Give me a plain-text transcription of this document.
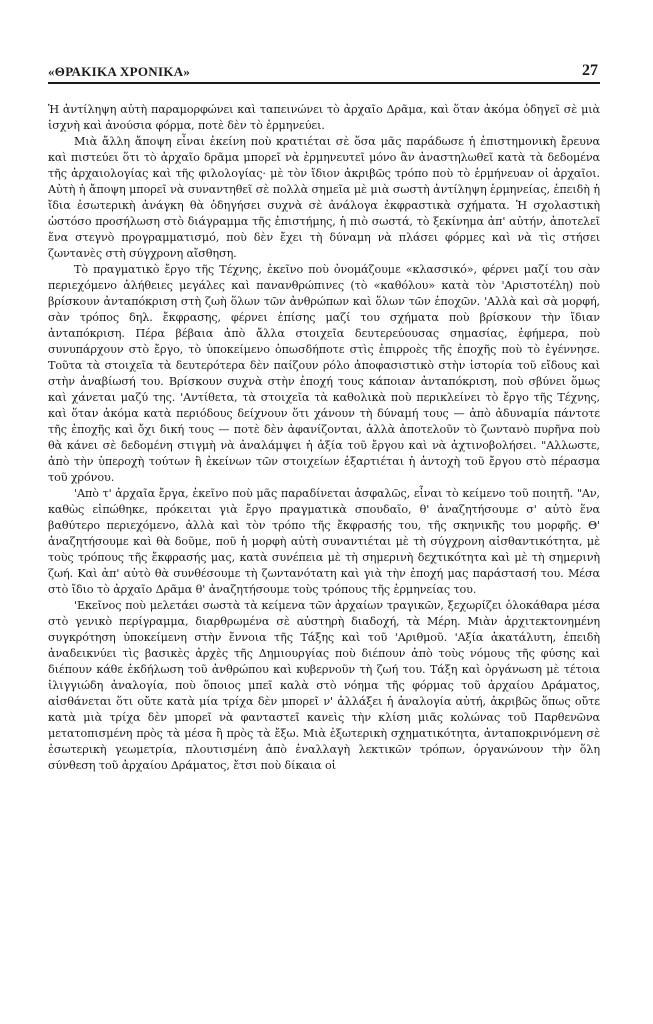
«ΘΡΑΚΙΚΑ ΧΡΟΝΙΚΑ»	27

Ἡ ἀντίληψη αὐτὴ παραμορφώνει καὶ ταπεινώνει τὸ ἀρχαῖο Δρᾶμα, καὶ ὅταν ἀκόμα ὁδηγεῖ σὲ μιὰ ἰσχνὴ καὶ ἀνούσια φόρμα, ποτὲ δὲν τὸ ἑρμηνεύει.

Μιὰ ἄλλη ἄποψη εἶναι ἐκείνη ποὺ κρατιέται σὲ ὅσα μᾶς παράδωσε ἡ ἐπιστημονικὴ ἔρευνα καὶ πιστεύει ὅτι τὸ ἀρχαῖο δρᾶμα μπορεῖ νὰ ἑρμηνευτεῖ μόνο ἂν ἀναστηλωθεῖ κατὰ τὰ δεδομένα τῆς ἀρχαιολογίας καὶ τῆς φιλολογίας· μὲ τὸν ἴδιον ἀκριβῶς τρόπο ποὺ τὸ ἑρμήνευαν οἱ ἀρχαῖοι. Αὐτὴ ἡ ἄποψη μπορεῖ νὰ συναντηθεῖ σὲ πολλὰ σημεῖα μὲ μιὰ σωστὴ ἀντίληψη ἑρμηνείας, ἐπειδὴ ἡ ἴδια ἐσωτερικὴ ἀνάγκη θὰ ὁδηγήσει συχνὰ σὲ ἀνάλογα ἐκφραστικὰ σχήματα. Ἡ σχολαστικὴ ὡστόσο προσήλωση στὸ διάγραμμα τῆς ἐπιστήμης, ἡ πιὸ σωστά, τὸ ξεκίνημα ἀπ' αὐτήν, ἀποτελεῖ ἕνα στεγνὸ προγραμματισμό, ποὺ δὲν ἔχει τὴ δύναμη νὰ πλάσει φόρμες καὶ νὰ τὶς στήσει ζωντανὲς στὴ σύγχρονη αἴσθηση.

Τὸ πραγματικὸ ἔργο τῆς Τέχνης, ἐκεῖνο ποὺ ὀνομάζουμε «κλασσικό», φέρνει μαζί του σὰν περιεχόμενο ἀλήθειες μεγάλες καὶ πανανθρώπινες (τὸ «καθόλου» κατὰ τὸν 'Αριστοτέλη) ποὺ βρίσκουν ἀνταπόκριση στὴ ζωὴ ὅλων τῶν ἀνθρώπων καὶ ὅλων τῶν ἐποχῶν. 'Αλλὰ καὶ σὰ μορφή, σὰν τρόπος δηλ. ἔκφρασης, φέρνει ἐπίσης μαζί του σχήματα ποὺ βρίσκουν τὴν ἴδιαν ἀνταπόκριση. Πέρα βέβαια ἀπὸ ἄλλα στοιχεῖα δευτερεύουσας σημασίας, ἐφήμερα, ποὺ συνυπάρχουν στὸ ἔργο, τὸ ὑποκείμενο ὁπωσδήποτε στὶς ἐπιρροὲς τῆς ἐποχῆς ποὺ τὸ ἐγέννησε. Τοῦτα τὰ στοιχεῖα τὰ δευτερότερα δὲν παίζουν ρόλο ἀποφασιστικὸ στὴν ἱστορία τοῦ εἴδους καὶ στὴν ἀναβίωσή του. Βρίσκουν συχνὰ στὴν ἐποχή τους κάποιαν ἀνταπόκριση, ποὺ σβύνει ὅμως καὶ χάνεται μαζύ της. 'Αντίθετα, τὰ στοιχεῖα τὰ καθολικὰ ποὺ περικλείνει τὸ ἔργο τῆς Τέχνης, καὶ ὅταν ἀκόμα κατὰ περιόδους δείχνουν ὅτι χάνουν τὴ δύναμή τους — ἀπὸ ἀδυναμία πάντοτε τῆς ἐποχῆς καὶ ὄχι δική τους — ποτὲ δὲν ἀφανίζονται, ἀλλὰ ἀποτελοῦν τὸ ζωντανὸ πυρῆνα ποὺ θὰ κάνει σὲ δεδομένη στιγμὴ νὰ ἀναλάμψει ἡ ἀξία τοῦ ἔργου καὶ νὰ ἀχτινοβολήσει. "Αλλωστε, ἀπὸ τὴν ὑπεροχὴ τούτων ἢ ἐκείνων τῶν στοιχείων ἐξαρτιέται ἡ ἀντοχὴ τοῦ ἔργου στὸ πέρασμα τοῦ χρόνου.

'Απὸ τ' ἀρχαῖα ἔργα, ἐκεῖνο ποὺ μᾶς παραδίνεται ἀσφαλῶς, εἶναι τὸ κείμενο τοῦ ποιητῆ. "Αν, καθὼς εἰπώθηκε, πρόκειται γιὰ ἔργο πραγματικὰ σπουδαῖο, θ' ἀναζητήσουμε σ' αὐτὸ ἕνα βαθύτερο περιεχόμενο, ἀλλὰ καὶ τὸν τρόπο τῆς ἔκφρασής του, τῆς σκηνικῆς του μορφῆς. Θ' ἀναζητήσουμε καὶ θὰ δοῦμε, ποῦ ἡ μορφὴ αὐτὴ συναντιέται μὲ τὴ σύγχρονη αἰσθαντικότητα, μὲ τοὺς τρόπους τῆς ἔκφρασής μας, κατὰ συνέπεια μὲ τὴ σημερινὴ δεχτικότητα καὶ μὲ τὴ σημερινὴ ζωή. Καὶ ἀπ' αὐτὸ θὰ συνθέσουμε τὴ ζωντανότατη καὶ γιὰ τὴν ἐποχή μας παράστασή του. Μέσα στὸ ἴδιο τὸ ἀρχαῖο Δρᾶμα θ' ἀναζητήσουμε τοὺς τρόπους τῆς ἑρμηνείας του.

'Εκεῖνος ποὺ μελετάει σωστὰ τὰ κείμενα τῶν ἀρχαίων τραγικῶν, ξεχωρίζει ὁλοκάθαρα μέσα στὸ γενικὸ περίγραμμα, διαρθρωμένα σὲ αὐστηρὴ διαδοχή, τὰ Μέρη. Μιὰν ἀρχιτεκτονημένη συγκρότηση ὑποκείμενη στὴν ἔννοια τῆς Τάξης καὶ τοῦ 'Αριθμοῦ. 'Αξία ἀκατάλυτη, ἐπειδὴ ἀναδεικνύει τὶς βασικὲς ἀρχὲς τῆς Δημιουργίας ποὺ διέπουν ἀπὸ τοὺς νόμους τῆς φύσης καὶ διέπουν κάθε ἐκδήλωση τοῦ ἀνθρώπου καὶ κυβερνοῦν τὴ ζωή του. Τάξη καὶ ὀργάνωση μὲ τέτοια ἰλιγγιώδη ἀναλογία, ποὺ ὅποιος μπεῖ καλὰ στὸ νόημα τῆς φόρμας τοῦ ἀρχαίου Δράματος, αἰσθάνεται ὅτι οὔτε κατὰ μία τρίχα δὲν μπορεῖ ν' ἀλλάξει ἡ ἀναλογία αὐτή, ἀκριβῶς ὅπως οὔτε κατὰ μιὰ τρίχα δὲν μπορεῖ νὰ φανταστεῖ κανεὶς τὴν κλίση μιᾶς κολώνας τοῦ Παρθενῶνα μετατοπισμένη πρὸς τὰ μέσα ἢ πρὸς τὰ ἔξω. Μιὰ ἐξωτερικὴ σχηματικότητα, ἀνταποκρινόμενη σὲ ἐσωτερικὴ γεωμετρία, πλουτισμένη ἀπὸ ἐναλλαγὴ λεκτικῶν τρόπων, ὀργανώνουν τὴν ὅλη σύνθεση τοῦ ἀρχαίου Δράματος, ἔτσι ποὺ δίκαια οἱ
